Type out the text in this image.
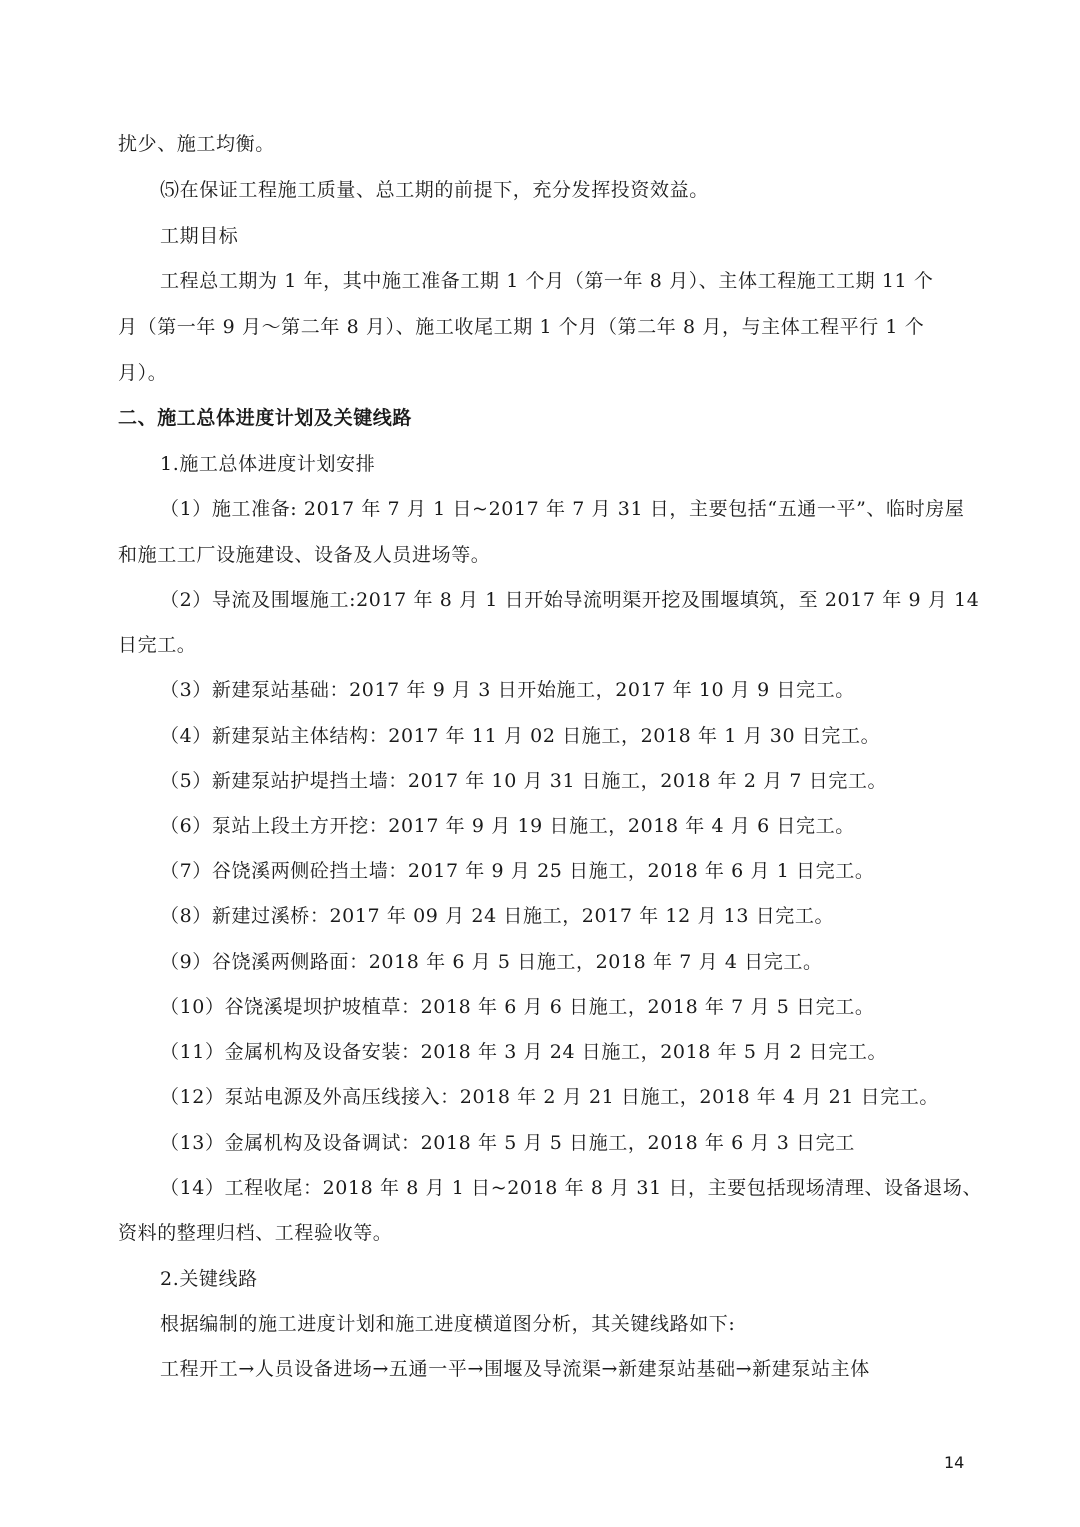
扰少、施工均衡。
⑸在保证工程施工质量、总工期的前提下，充分发挥投资效益。
工期目标
工程总工期为 1 年，其中施工准备工期 1 个月（第一年 8 月）、主体工程施工工期 11 个
月（第一年 9 月～第二年 8 月）、施工收尾工期 1 个月（第二年 8 月，与主体工程平行 1 个
月）。
二、施工总体进度计划及关键线路
1.施工总体进度计划安排
（1）施工准备: 2017 年 7 月 1 日~2017 年 7 月 31 日，主要包括“五通一平”、临时房屋
和施工工厂设施建设、设备及人员进场等。
（2）导流及围堰施工:2017 年 8 月 1 日开始导流明渠开挖及围堰填筑，至 2017 年 9 月 14
日完工。
（3）新建泵站基础：2017 年 9 月 3 日开始施工，2017 年 10 月 9 日完工。
（4）新建泵站主体结构：2017 年 11 月 02 日施工，2018 年 1 月 30 日完工。
（5）新建泵站护堤挡土墙：2017 年 10 月 31 日施工，2018 年 2 月 7 日完工。
（6）泵站上段土方开挖：2017 年 9 月 19 日施工，2018 年 4 月 6 日完工。
（7）谷饶溪两侧砼挡土墙：2017 年 9 月 25 日施工，2018 年 6 月 1 日完工。
（8）新建过溪桥：2017 年 09 月 24 日施工，2017 年 12 月 13 日完工。
（9）谷饶溪两侧路面：2018 年 6 月 5 日施工，2018 年 7 月 4 日完工。
（10）谷饶溪堤坝护坡植草：2018 年 6 月 6 日施工，2018 年 7 月 5 日完工。
（11）金属机构及设备安装：2018 年 3 月 24 日施工，2018 年 5 月 2 日完工。
（12）泵站电源及外高压线接入：2018 年 2 月 21 日施工，2018 年 4 月 21 日完工。
（13）金属机构及设备调试：2018 年 5 月 5 日施工，2018 年 6 月 3 日完工
（14）工程收尾：2018 年 8 月 1 日~2018 年 8 月 31 日，主要包括现场清理、设备退场、
资料的整理归档、工程验收等。
2.关键线路
根据编制的施工进度计划和施工进度横道图分析，其关键线路如下:
工程开工→人员设备进场→五通一平→围堰及导流渠→新建泵站基础→新建泵站主体
14
